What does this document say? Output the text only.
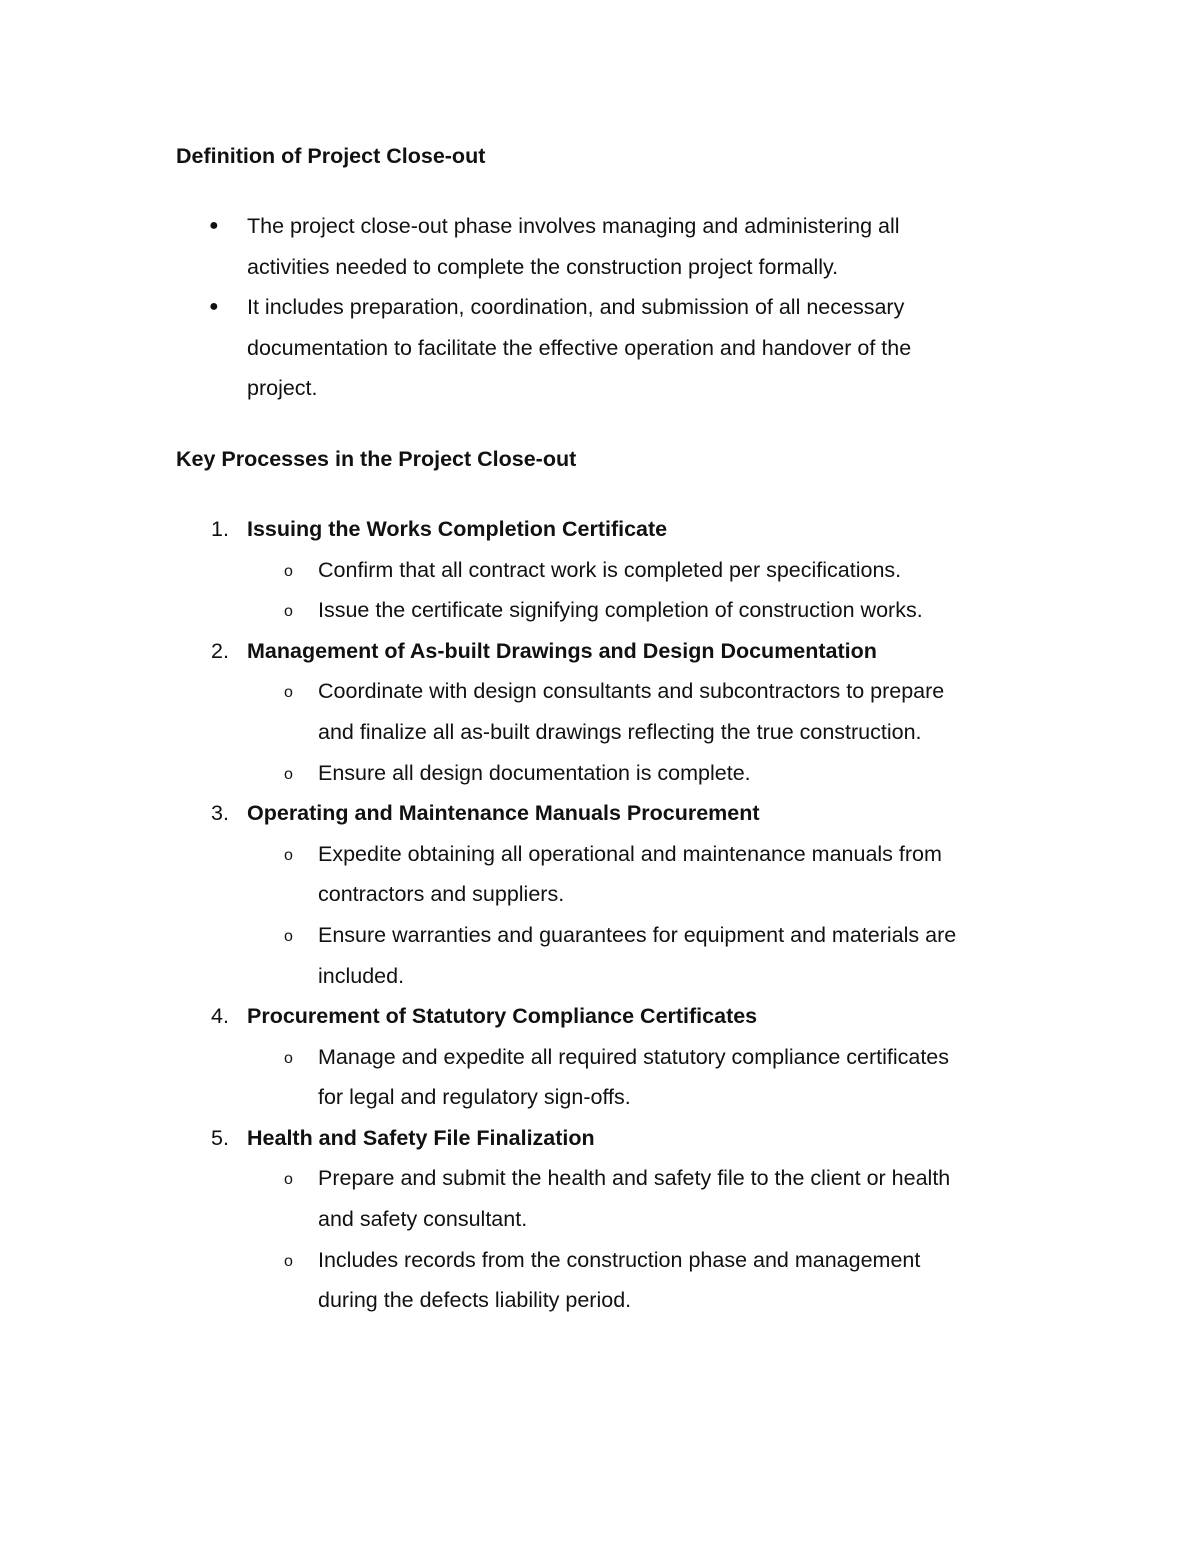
Definition of Project Close-out
● The project close-out phase involves managing and administering all
activities needed to complete the construction project formally.
● It includes preparation, coordination, and submission of all necessary
documentation to facilitate the effective operation and handover of the
project.
Key Processes in the Project Close-out
1. Issuing the Works Completion Certificate
o Confirm that all contract work is completed per specifications.
o Issue the certificate signifying completion of construction works.
2. Management of As-built Drawings and Design Documentation
o Coordinate with design consultants and subcontractors to prepare
and finalize all as-built drawings reflecting the true construction.
o Ensure all design documentation is complete.
3. Operating and Maintenance Manuals Procurement
o Expedite obtaining all operational and maintenance manuals from
contractors and suppliers.
o Ensure warranties and guarantees for equipment and materials are
included.
4. Procurement of Statutory Compliance Certificates
o Manage and expedite all required statutory compliance certificates
for legal and regulatory sign-offs.
5. Health and Safety File Finalization
o Prepare and submit the health and safety file to the client or health
and safety consultant.
o Includes records from the construction phase and management
during the defects liability period.
